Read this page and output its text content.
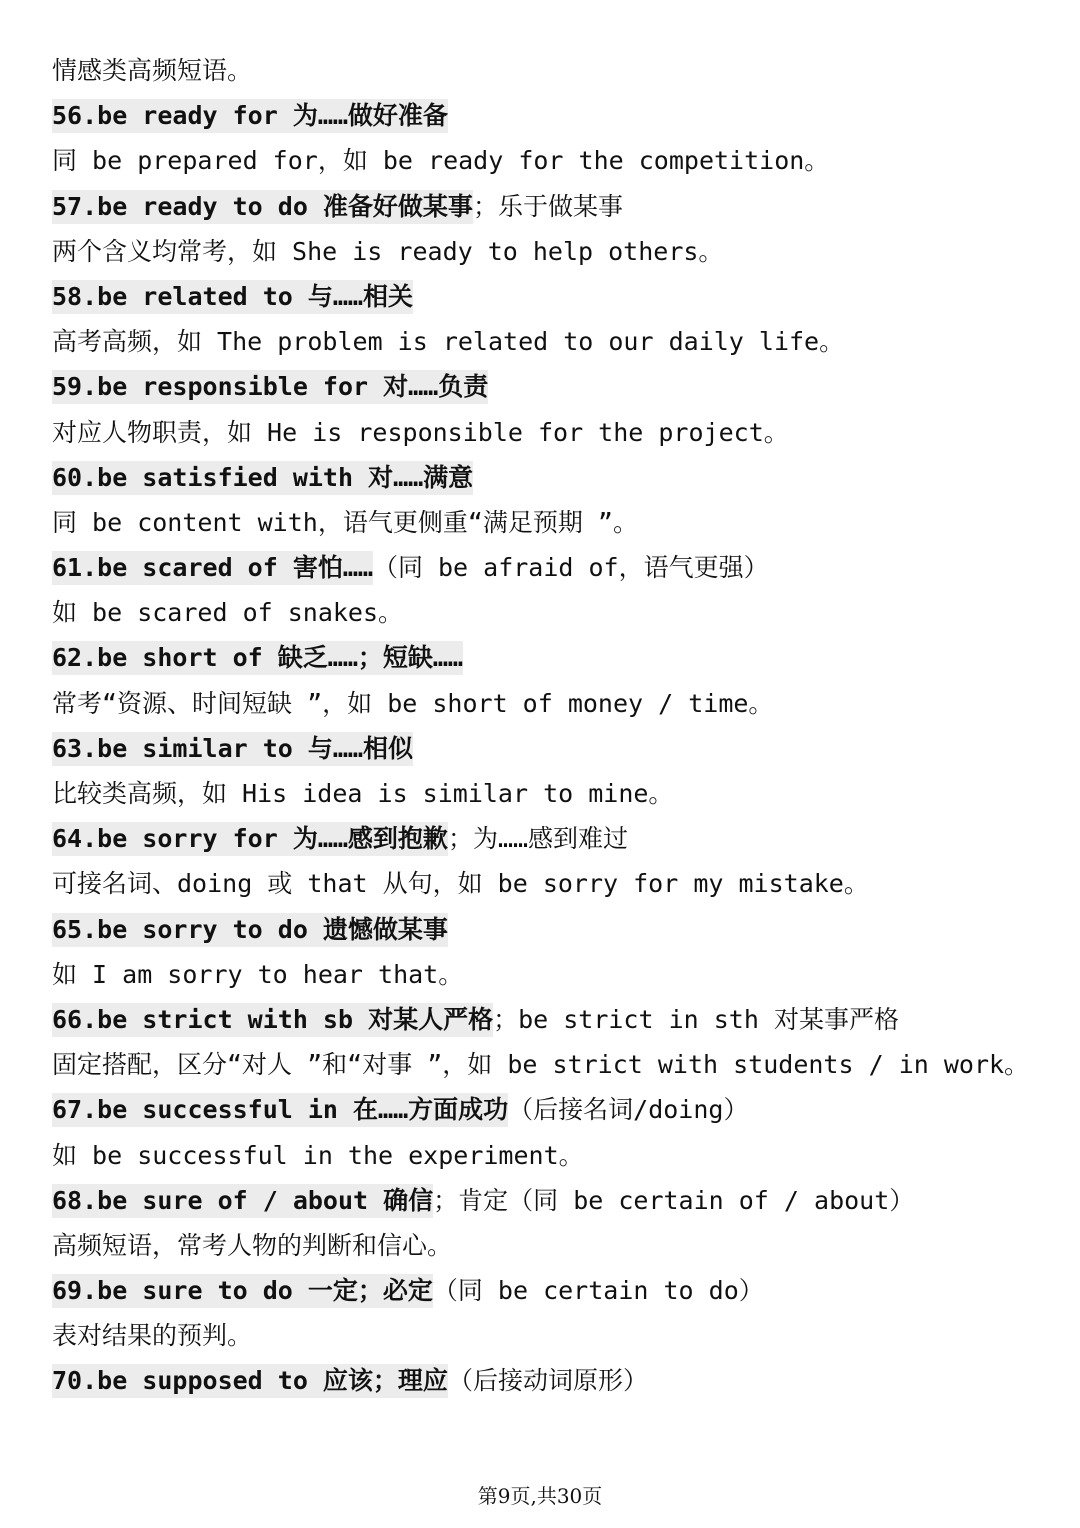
情感类高频短语。
56.be ready for 为……做好准备
同 be prepared for，如 be ready for the competition。
57.be ready to do 准备好做某事；乐于做某事
两个含义均常考，如 She is ready to help others。
58.be related to 与……相关
高考高频，如 The problem is related to our daily life。
59.be responsible for 对……负责
对应人物职责，如 He is responsible for the project。
60.be satisfied with 对……满意
同 be content with，语气更侧重“满足预期 ”。
61.be scared of 害怕……（同 be afraid of，语气更强）
如 be scared of snakes。
62.be short of 缺乏……；短缺……
常考“资源、时间短缺 ”，如 be short of money / time。
63.be similar to 与……相似
比较类高频，如 His idea is similar to mine。
64.be sorry for 为……感到抱歉；为……感到难过
可接名词、doing 或 that 从句，如 be sorry for my mistake。
65.be sorry to do 遗憾做某事
如 I am sorry to hear that。
66.be strict with sb 对某人严格；be strict in sth 对某事严格
固定搭配，区分“对人 ”和“对事 ”，如 be strict with students / in work。
67.be successful in 在……方面成功（后接名词/doing）
如 be successful in the experiment。
68.be sure of / about 确信；肯定（同 be certain of / about）
高频短语，常考人物的判断和信心。
69.be sure to do 一定；必定（同 be certain to do）
表对结果的预判。
70.be supposed to 应该；理应（后接动词原形）
第9页,共30页
